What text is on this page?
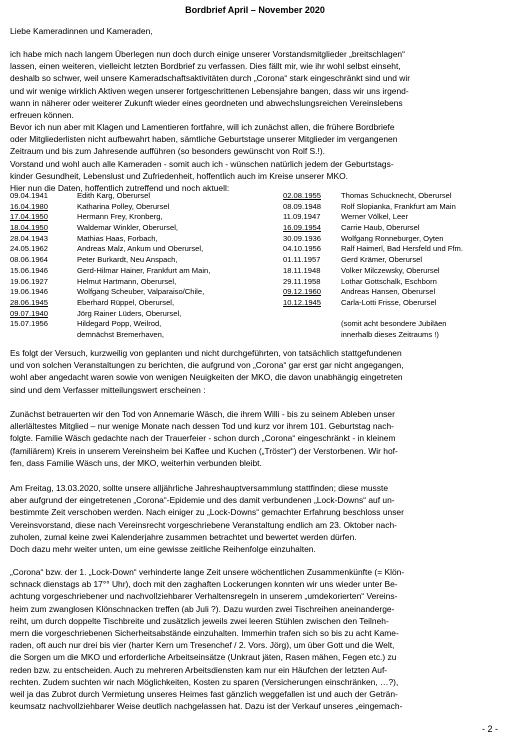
Bordbrief April – November 2020
Liebe Kameradinnen und Kameraden,
ich habe mich nach langem Überlegen nun doch durch einige unserer Vorstandsmitglieder „breitschlagen“
lassen, einen weiteren, vielleicht letzten Bordbrief zu verfassen. Dies fällt mir, wie ihr wohl selbst einseht,
deshalb so schwer, weil unsere Kameradschaftsaktivitäten durch „Corona“ stark eingeschränkt sind und wir
und wir wenige wirklich Aktiven wegen unserer fortgeschrittenen Lebensjahre bangen, dass wir uns irgend-
wann in näherer oder weiterer Zukunft wieder eines geordneten und abwechslungsreichen Vereinslebens
erfreuen können.
Bevor ich nun aber mit Klagen und Lamentieren fortfahre, will ich zunächst allen, die frühere Bordbriefe
oder Mitgliederlisten nicht aufbewahrt haben, sämtliche Geburtstage unserer Mitglieder im vergangenen
Zeitraum und bis zum Jahresende aufführen (so besonders gewünscht von Rolf S.!).
Vorstand und wohl auch alle Kameraden - somit auch ich - wünschen natürlich jedem der Geburtstags-
kinder Gesundheit, Lebenslust und Zufriedenheit, hoffentlich auch im Kreise unserer MKO.
Hier nun die Daten, hoffentlich zutreffend und noch aktuell:
09.04.1941	Edith Karg, Oberursel
16.04.1980	Katharina Polley, Oberursel
17.04.1950	Hermann Frey, Kronberg,
18.04.1950	Waldemar Winkler, Oberursel,
28.04.1943	Mathias Haas, Forbach,
24.05.1962	Andreas Malz, Ankum und Oberursel,
08.06.1964	Peter Burkardt, Neu Anspach,
15.06.1946	Gerd-Hilmar Hainer, Frankfurt am Main,
19.06.1927	Helmut Hartmann, Oberursel,
19.06.1946	Wolfgang Scheuber, Valparaiso/Chile,
28.06.1945	Eberhard Rüppel, Oberursel,
09.07.1940	Jörg Rainer Lüders, Oberursel,
15.07.1956	Hildegard Popp, Weilrod,
demnächst Bremerhaven,
02.08.1955	Thomas Schucknecht, Oberursel
08.09.1948	Rolf Slopianka, Frankfurt am Main
11.09.1947	Werner Völkel, Leer
16.09.1954	Carrie Haub, Oberursel
30.09.1936	Wolfgang Ronneburger, Oyten
04.10.1956	Ralf Haimerl, Bad Hersfeld und Ffm.
01.11.1957	Gerd Krämer, Oberursel
18.11.1948	Volker Milczewsky, Oberursel
29.11.1958	Lothar Gottschalk, Eschborn
09.12.1960	Andreas Hansen, Oberursel
10.12.1945	Carla-Lotti Frisse, Oberursel
(somit acht besondere Jubiläen
innerhalb dieses Zeitraums !)
Es folgt der Versuch, kurzweilig von geplanten und nicht durchgeführten, von tatsächlich stattgefundenen
und von solchen Veranstaltungen zu berichten, die aufgrund von „Corona“ gar erst gar nicht angegangen,
wohl aber angedacht waren sowie von wenigen Neuigkeiten der MKO, die davon unabhängig eingetreten
sind und dem Verfasser mitteilungswert erscheinen :
Zunächst betrauerten wir den Tod von Annemarie Wäsch, die ihrem Willi - bis zu seinem Ableben unser
allerlältestes Mitglied – nur wenige Monate nach dessen Tod und kurz vor ihrem 101. Geburtstag nach-
folgte. Familie Wäsch gedachte nach der Trauerfeier - schon durch „Corona“ eingeschränkt - in kleinem
(familiärem) Kreis in unserem Vereinsheim bei Kaffee und Kuchen („Tröster“) der Verstorbenen. Wir hof-
fen, dass Familie Wäsch uns, der MKO, weiterhin verbunden bleibt.
Am Freitag, 13.03.2020, sollte unsere alljährliche Jahreshauptversammlung stattfinden; diese musste
aber aufgrund der eingetretenen „Corona“-Epidemie und des damit verbundenen „Lock-Downs“ auf un-
bestimmte Zeit verschoben werden. Nach einiger zu „Lock-Downs“ gemachter Erfahrung beschloss unser
Vereinsvorstand, diese nach Vereinsrecht vorgeschriebene Veranstaltung endlich am 23. Oktober nach-
zuholen, zumal keine zwei Kalenderjahre zusammen betrachtet und bewertet werden dürfen.
Doch dazu mehr weiter unten, um eine gewisse zeitliche Reihenfolge einzuhalten.
„Corona“ bzw. der 1. „Lock-Down“ verhinderte lange Zeit unsere wöchentlichen Zusammenkünfte (= Klön-
schnack dienstags ab 17°° Uhr), doch mit den zaghaften Lockerungen konnten wir uns wieder unter Be-
achtung vorgeschriebener und nachvollziehbarer Verhaltensregeln in unserem „umdekorierten“ Vereins-
heim zum zwanglosen Klönschnacken treffen (ab Juli ?). Dazu wurden zwei Tischreihen aneinanderge-
reiht, um durch doppelte Tischbreite und zusätzlich jeweils zwei leeren Stühlen zwischen den Teilneh-
mern die vorgeschriebenen Sicherheitsabstände einzuhalten. Immerhin trafen sich so bis zu acht Kame-
raden, oft auch nur drei bis vier (harter Kern um Tresenchef / 2. Vors. Jörg), um über Gott und die Welt,
die Sorgen um die MKO und erforderliche Arbeitseinsätze (Unkraut jäten, Rasen mähen, Fegen etc.) zu
reden bzw. zu entscheiden. Auch zu mehreren Arbeitsdiensten kam nur ein Häufchen der letzten Auf-
rechten. Zudem suchten wir nach Möglichkeiten, Kosten zu sparen (Versicherungen einschränken, …?),
weil ja das Zubrot durch Vermietung unseres Heimes fast gänzlich weggefallen ist und auch der Geträn-
keumsatz nachvollziehbarer Weise deutlich nachgelassen hat. Dazu ist der Verkauf unseres „eingemach-
- 2 -
